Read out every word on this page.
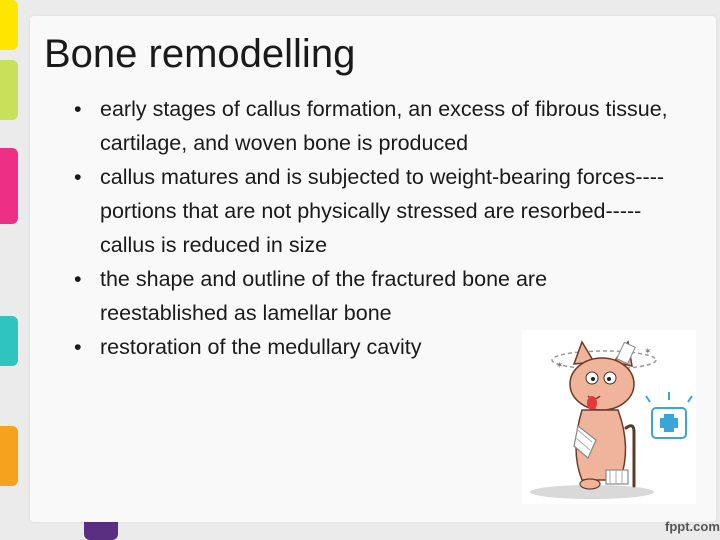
Bone remodelling
• early stages of callus formation, an excess of fibrous tissue, cartilage, and woven bone is produced
• callus matures and is subjected to weight-bearing forces----portions that are not physically stressed are resorbed-----callus is reduced in size
• the shape and outline of the fractured bone are reestablished as lamellar bone
• restoration of the medullary cavity
✶
✶
fppt.com
